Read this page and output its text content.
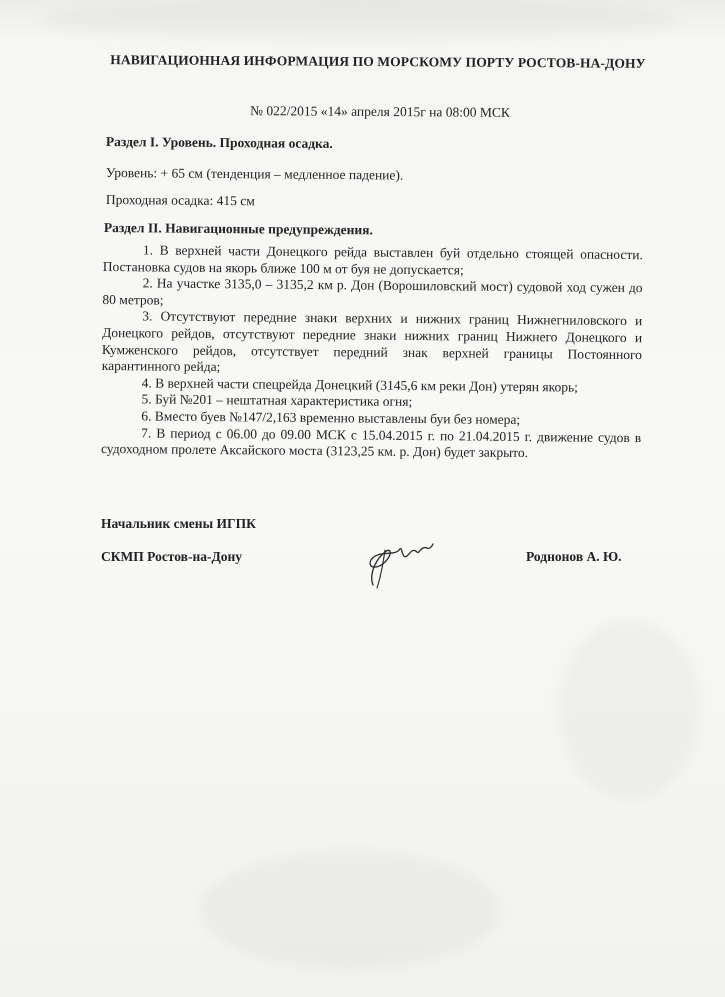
НАВИГАЦИОННАЯ ИНФОРМАЦИЯ ПО МОРСКОМУ ПОРТУ РОСТОВ-НА-ДОНУ
№ 022/2015 «14» апреля 2015г на 08:00 МСК
Раздел I. Уровень. Проходная осадка.
Уровень: + 65 см (тенденция – медленное падение).
Проходная осадка: 415 см
Раздел II. Навигационные предупреждения.

1. В верхней части Донецкого рейда выставлен буй отдельно стоящей опасности. Постановка судов на якорь ближе 100 м от буя не допускается;

2. На участке 3135,0 – 3135,2 км р. Дон (Ворошиловский мост) судовой ход сужен до 80 метров;

3. Отсутствуют передние знаки верхних и нижних границ Нижнегниловского и Донецкого рейдов, отсутствуют передние знаки нижних границ Нижнего Донецкого и Кумженского рейдов, отсутствует передний знак верхней границы Постоянного карантинного рейда;

4. В верхней части спецрейда Донецкий (3145,6 км реки Дон) утерян якорь;

5. Буй №201 – нештатная характеристика огня;

6. Вместо буев №147/2,163 временно выставлены буи без номера;

7. В период с 06.00 до 09.00 МСК с 15.04.2015 г. по 21.04.2015 г. движение судов в судоходном пролете Аксайского моста (3123,25 км. р. Дон) будет закрыто.

Начальник смены ИГПК
СКМП Ростов-на-Дону	Роднонов А. Ю.
